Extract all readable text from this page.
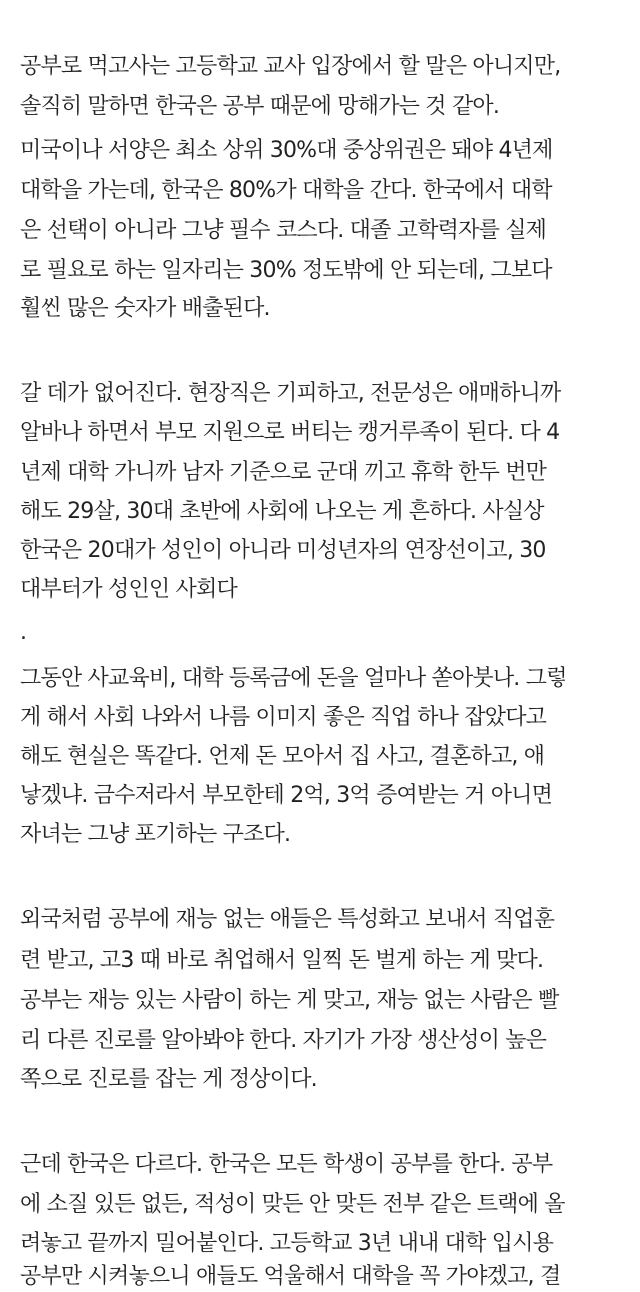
공부로 먹고사는 고등학교 교사 입장에서 할 말은 아니지만,
솔직히 말하면 한국은 공부 때문에 망해가는 것 같아.
미국이나 서양은 최소 상위 30%대 중상위권은 돼야 4년제
대학을 가는데, 한국은 80%가 대학을 간다. 한국에서 대학
은 선택이 아니라 그냥 필수 코스다. 대졸 고학력자를 실제
로 필요로 하는 일자리는 30% 정도밖에 안 되는데, 그보다
훨씬 많은 숫자가 배출된다.
갈 데가 없어진다. 현장직은 기피하고, 전문성은 애매하니까
알바나 하면서 부모 지원으로 버티는 캥거루족이 된다. 다 4
년제 대학 가니까 남자 기준으로 군대 끼고 휴학 한두 번만
해도 29살, 30대 초반에 사회에 나오는 게 흔하다. 사실상
한국은 20대가 성인이 아니라 미성년자의 연장선이고, 30
대부터가 성인인 사회다
.
그동안 사교육비, 대학 등록금에 돈을 얼마나 쏟아붓나. 그렇
게 해서 사회 나와서 나름 이미지 좋은 직업 하나 잡았다고
해도 현실은 똑같다. 언제 돈 모아서 집 사고, 결혼하고, 애
낳겠냐. 금수저라서 부모한테 2억, 3억 증여받는 거 아니면
자녀는 그냥 포기하는 구조다.
외국처럼 공부에 재능 없는 애들은 특성화고 보내서 직업훈
련 받고, 고3 때 바로 취업해서 일찍 돈 벌게 하는 게 맞다.
공부는 재능 있는 사람이 하는 게 맞고, 재능 없는 사람은 빨
리 다른 진로를 알아봐야 한다. 자기가 가장 생산성이 높은
쪽으로 진로를 잡는 게 정상이다.
근데 한국은 다르다. 한국은 모든 학생이 공부를 한다. 공부
에 소질 있든 없든, 적성이 맞든 안 맞든 전부 같은 트랙에 올
려놓고 끝까지 밀어붙인다. 고등학교 3년 내내 대학 입시용
공부만 시켜놓으니 애들도 억울해서 대학을 꼭 가야겠고, 결
